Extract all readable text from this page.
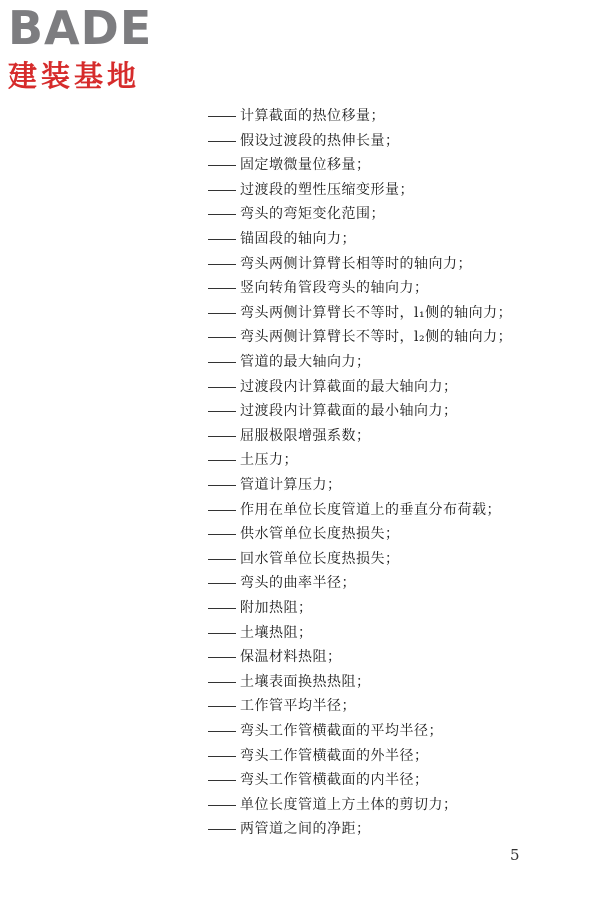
BADE
建装基地
计算截面的热位移量；
假设过渡段的热伸长量；
固定墩微量位移量；
过渡段的塑性压缩变形量；
弯头的弯矩变化范围；
锚固段的轴向力；
弯头两侧计算臂长相等时的轴向力；
竖向转角管段弯头的轴向力；
弯头两侧计算臂长不等时，l₁侧的轴向力；
弯头两侧计算臂长不等时，l₂侧的轴向力；
管道的最大轴向力；
过渡段内计算截面的最大轴向力；
过渡段内计算截面的最小轴向力；
屈服极限增强系数；
土压力；
管道计算压力；
作用在单位长度管道上的垂直分布荷载；
供水管单位长度热损失；
回水管单位长度热损失；
弯头的曲率半径；
附加热阻；
土壤热阻；
保温材料热阻；
土壤表面换热热阻；
工作管平均半径；
弯头工作管横截面的平均半径；
弯头工作管横截面的外半径；
弯头工作管横截面的内半径；
单位长度管道上方土体的剪切力；
两管道之间的净距；
5
